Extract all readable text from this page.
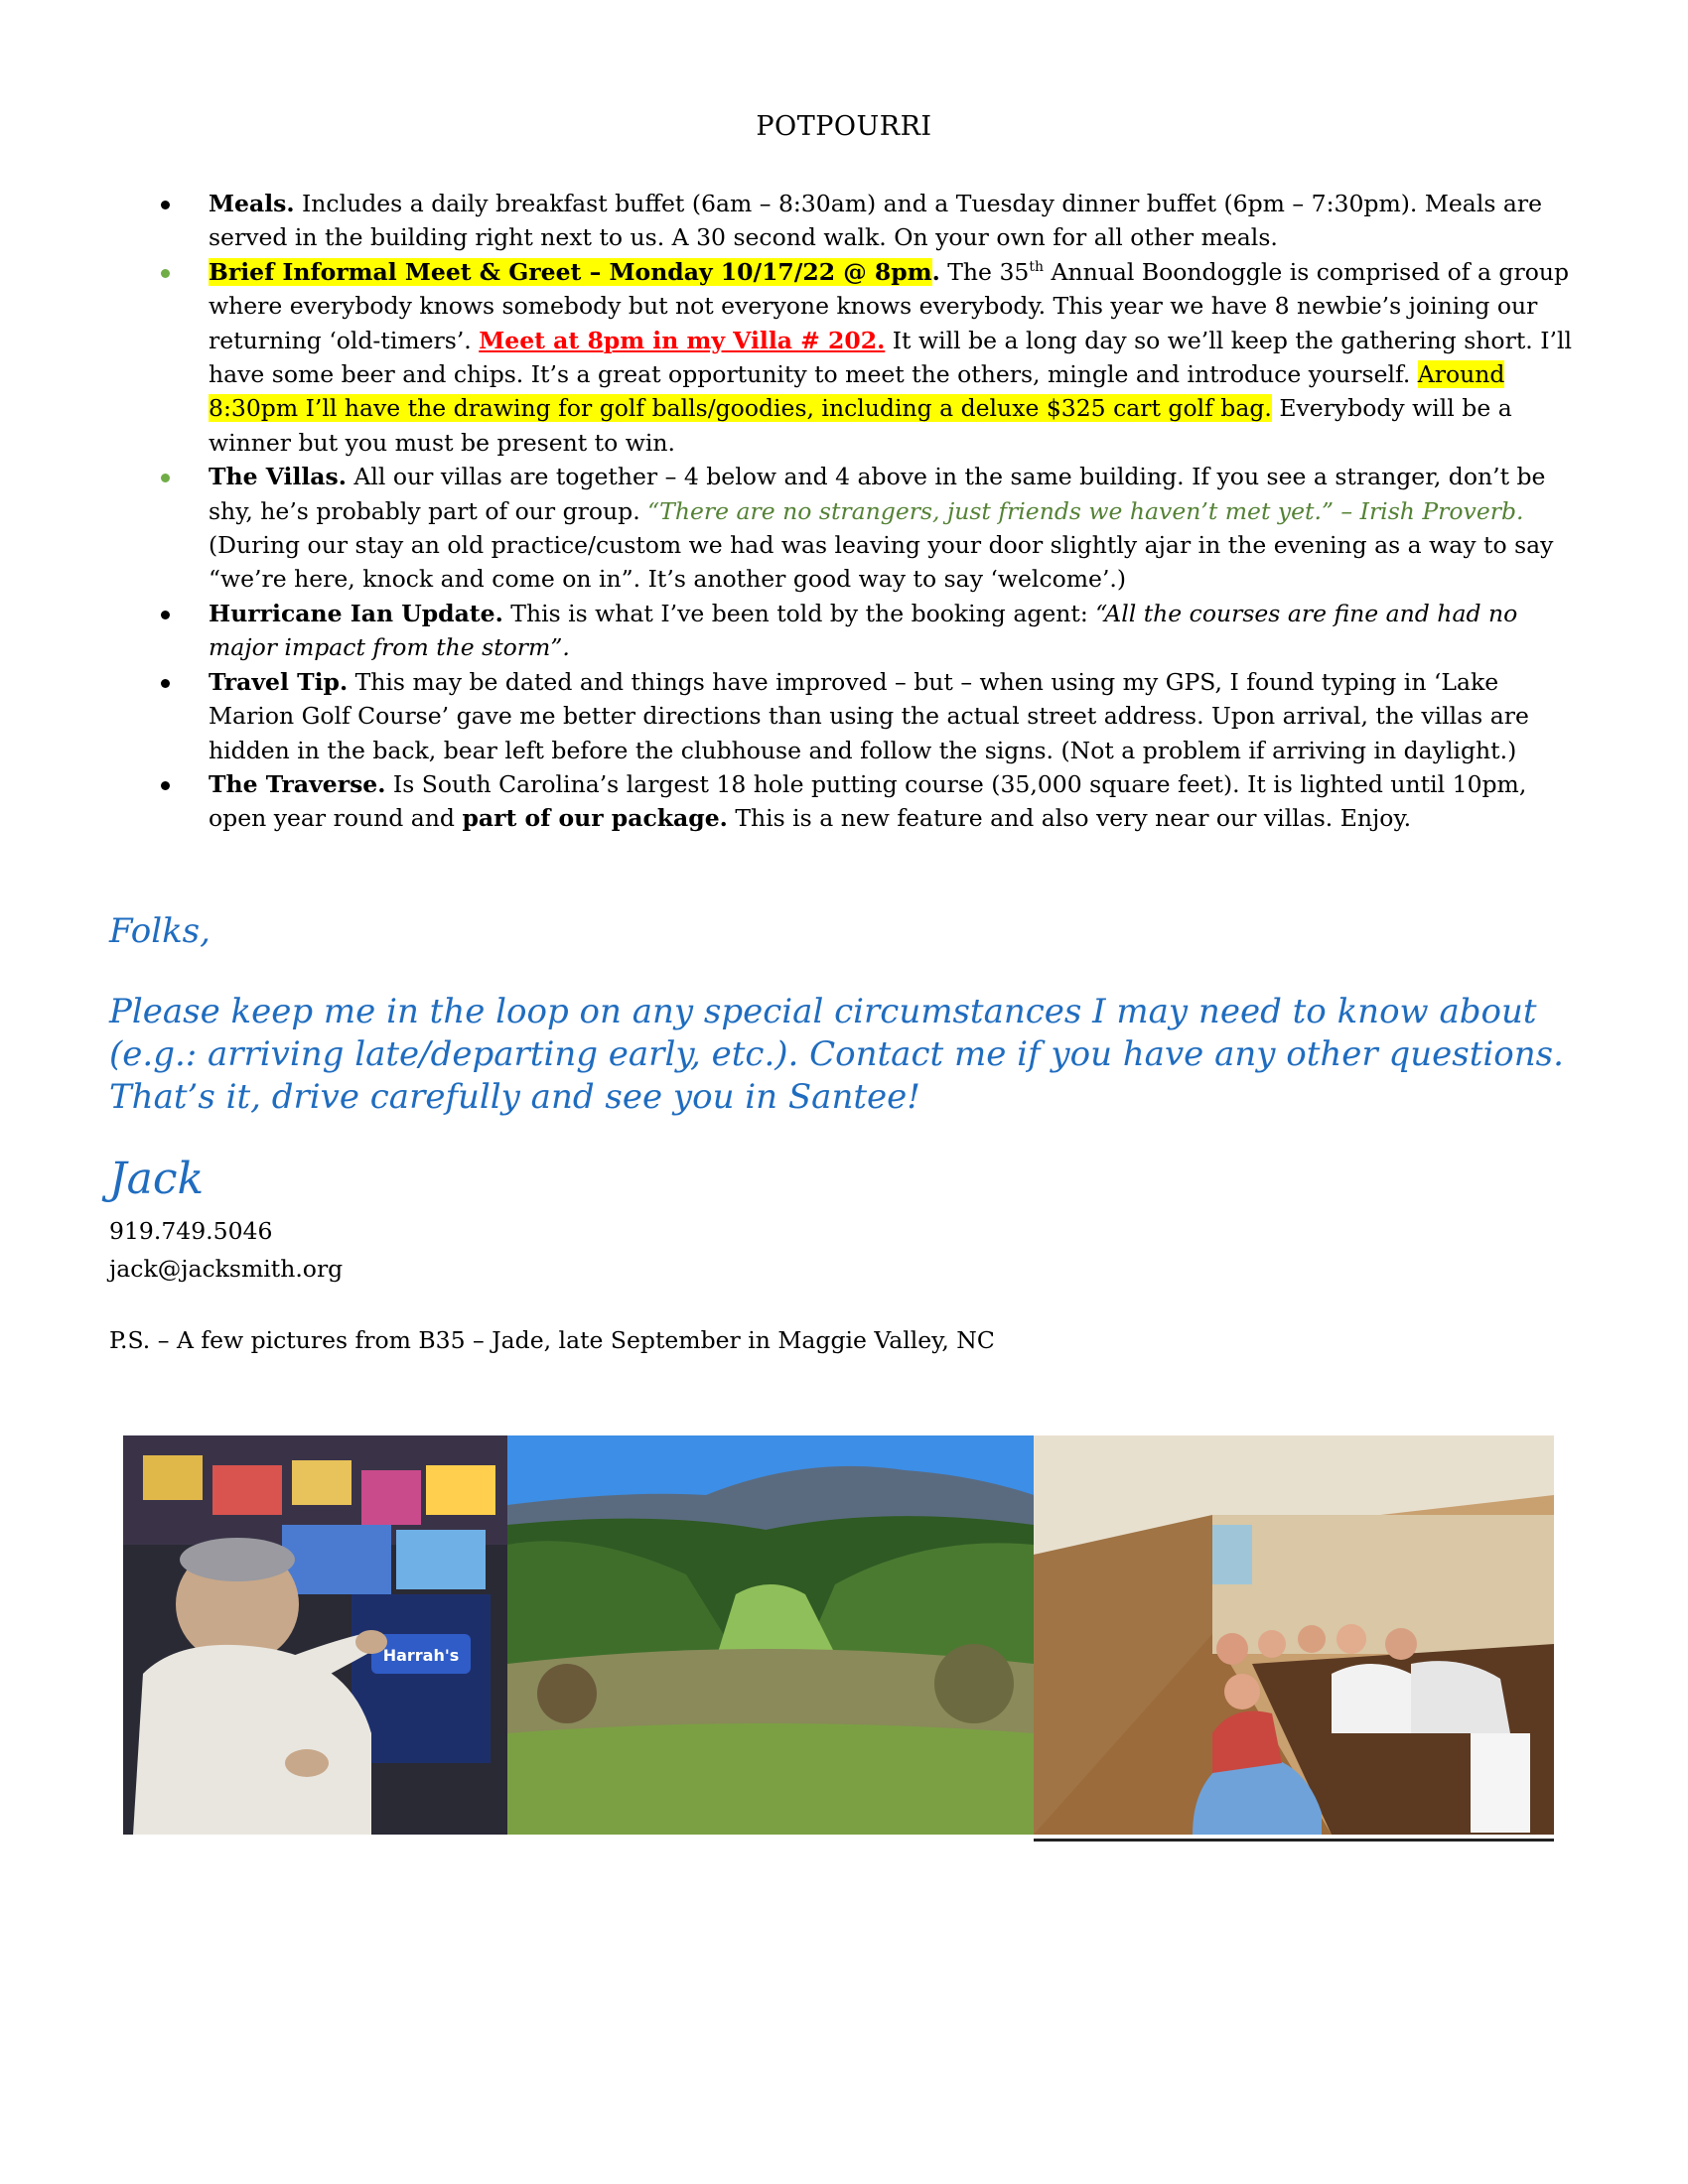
POTPOURRI
Meals. Includes a daily breakfast buffet (6am – 8:30am) and a Tuesday dinner buffet (6pm – 7:30pm). Meals are served in the building right next to us. A 30 second walk. On your own for all other meals.
Brief Informal Meet & Greet – Monday 10/17/22 @ 8pm. The 35th Annual Boondoggle is comprised of a group where everybody knows somebody but not everyone knows everybody. This year we have 8 newbie’s joining our returning ‘old-timers’. Meet at 8pm in my Villa # 202. It will be a long day so we’ll keep the gathering short. I’ll have some beer and chips. It’s a great opportunity to meet the others, mingle and introduce yourself. Around 8:30pm I’ll have the drawing for golf balls/goodies, including a deluxe $325 cart golf bag. Everybody will be a winner but you must be present to win.
The Villas. All our villas are together – 4 below and 4 above in the same building. If you see a stranger, don’t be shy, he’s probably part of our group. “There are no strangers, just friends we haven’t met yet.” – Irish Proverb. (During our stay an old practice/custom we had was leaving your door slightly ajar in the evening as a way to say “we’re here, knock and come on in”. It’s another good way to say ‘welcome’.)
Hurricane Ian Update. This is what I’ve been told by the booking agent: “All the courses are fine and had no major impact from the storm”.
Travel Tip. This may be dated and things have improved – but – when using my GPS, I found typing in ‘Lake Marion Golf Course’ gave me better directions than using the actual street address. Upon arrival, the villas are hidden in the back, bear left before the clubhouse and follow the signs. (Not a problem if arriving in daylight.)
The Traverse. Is South Carolina’s largest 18 hole putting course (35,000 square feet). It is lighted until 10pm, open year round and part of our package. This is a new feature and also very near our villas. Enjoy.
Folks,
Please keep me in the loop on any special circumstances I may need to know about (e.g.: arriving late/departing early, etc.). Contact me if you have any other questions. That’s it, drive carefully and see you in Santee!
Jack
919.749.5046
jack@jacksmith.org
P.S. – A few pictures from B35 – Jade, late September in Maggie Valley, NC
Harrah's
